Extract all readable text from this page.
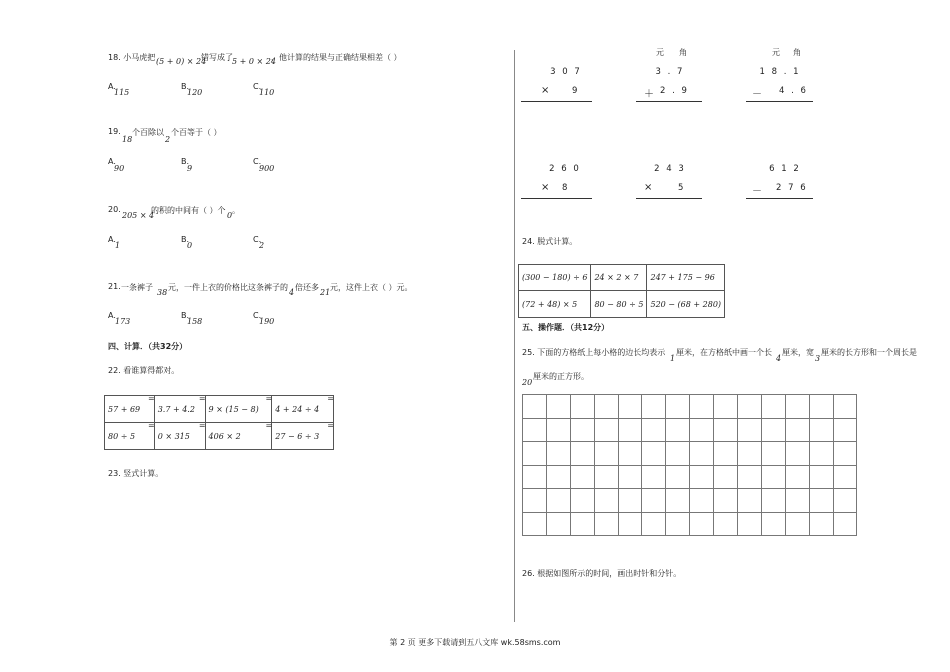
18. 小马虎把 (5 + 0) × 24
错写成了 5 + 0 × 24
，他计算的结果与正确结果相差（ ）
A.
115
B.
120
C.
110
19.
18
个百除以
2
个百等于（ ）
A.
90
B.
9
C.
900
20.
205 × 4
的积的中间有（ ）个
0
。
A.
1
B.
0
C.
2
21. 一条裤子
38
元，一件上衣的价格比这条裤子的
4
倍还多
21
元，这件上衣（ ）元。
A.
173
B.
158
C.
190
四、计算．（共32分）
22. 看谁算得都对。
57 + 69
=	3.7 + 4.2
=	9 × (15 − 8)
=	4 + 24 ÷ 4
=

80 ÷ 5
=	0 × 315
=	406 × 2
=	27 − 6 ÷ 3
=
23. 竖式计算。
元 角	元 角
3 0 7
×	9
3 . 7
＋ 2 . 9
1 8 . 1
－ 4 . 6
2 6 0
× 8
2 4 3
×	5
6 1 2
－ 2 7 6
24. 脱式计算。
(300 − 180) ÷ 6	24 × 2 × 7	247 + 175 − 96
(72 + 48) × 5	80 − 80 ÷ 5	520 − (68 + 280)
五、操作题．（共12分）
25. 下面的方格纸上每小格的边长均表示
1
厘米，在方格纸中画一个长
4
厘米，宽
3
厘米的长方形和一个周长是
20
厘米的正方形。

26. 根据如图所示的时间，画出时针和分针。
第 2 页 更多下载请到五八文库 wk.58sms.com
